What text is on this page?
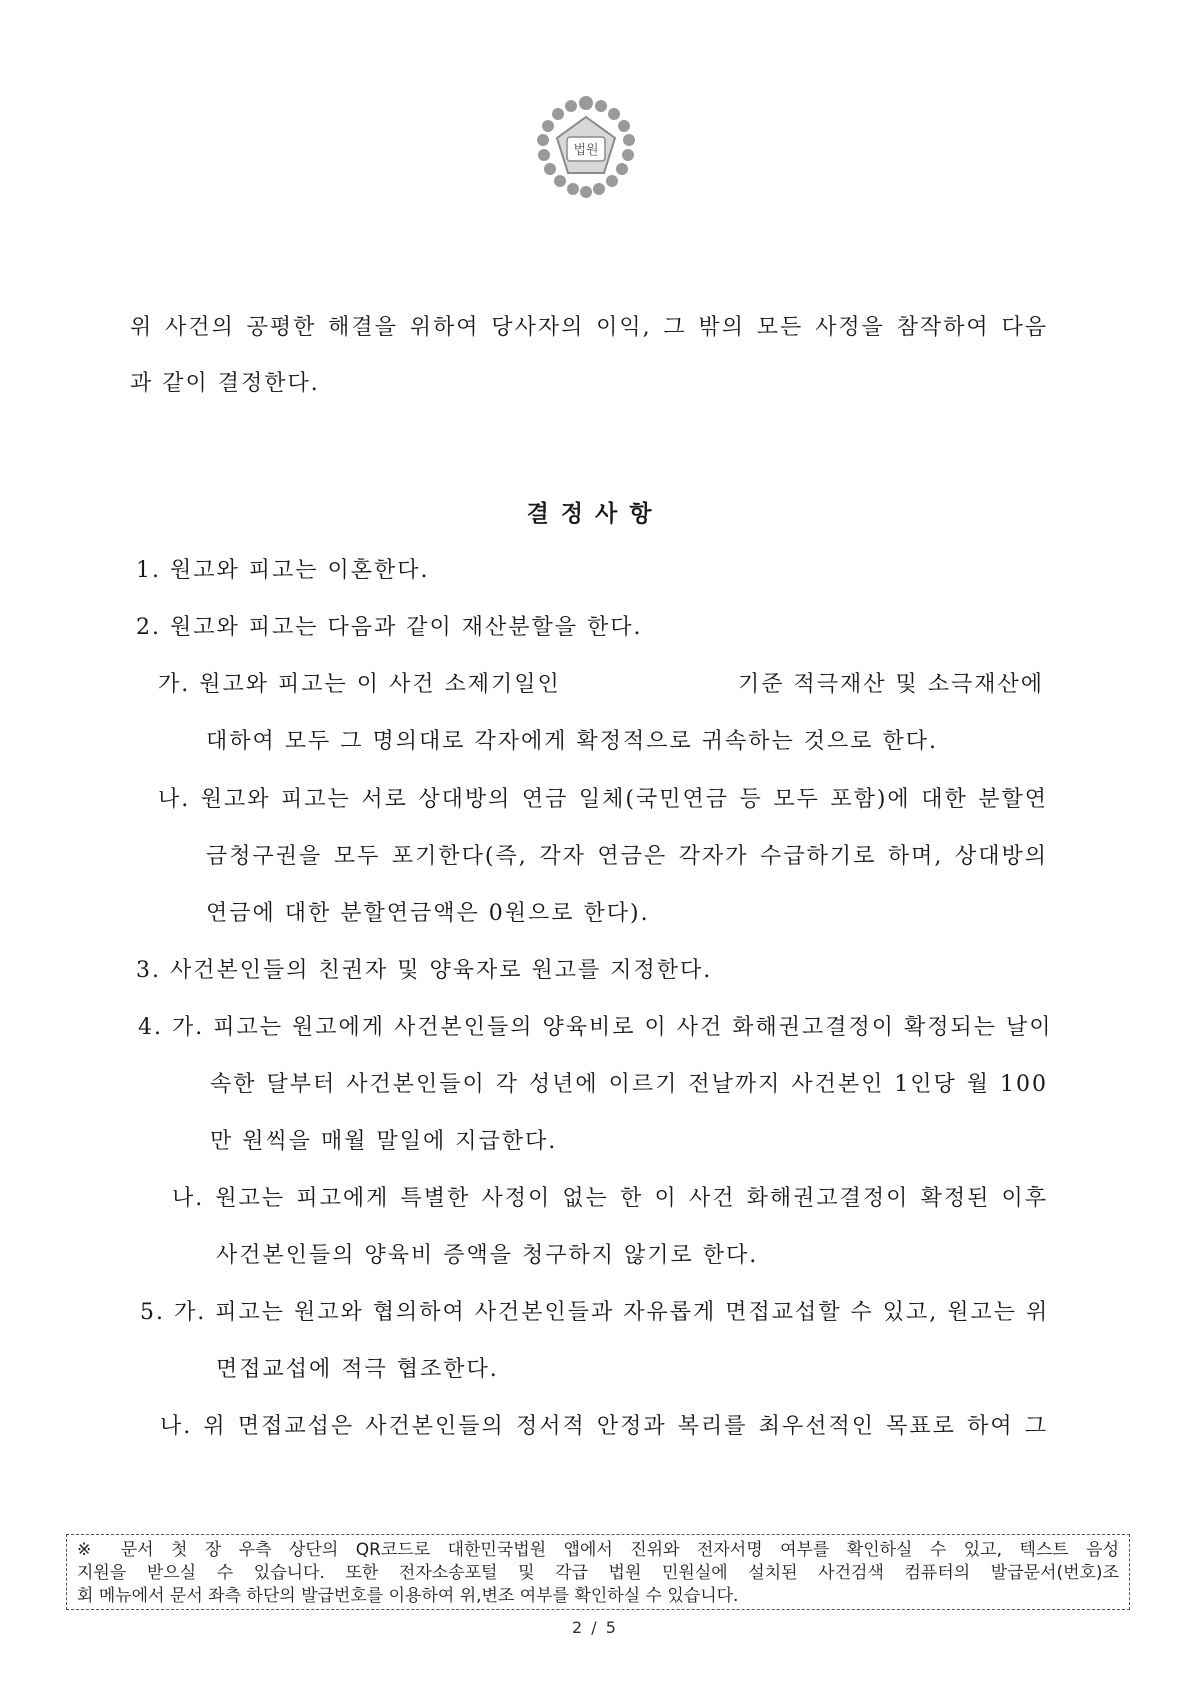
법원
위 사건의 공평한 해결을 위하여 당사자의 이익, 그 밖의 모든 사정을 참작하여 다음
과 같이 결정한다.
결정사항
1. 원고와 피고는 이혼한다.
2. 원고와 피고는 다음과 같이 재산분할을 한다.
가. 원고와 피고는 이 사건 소제기일인	기준 적극재산 및 소극재산에
대하여 모두 그 명의대로 각자에게 확정적으로 귀속하는 것으로 한다.
나. 원고와 피고는 서로 상대방의 연금 일체(국민연금 등 모두 포함)에 대한 분할연
금청구권을 모두 포기한다(즉, 각자 연금은 각자가 수급하기로 하며, 상대방의
연금에 대한 분할연금액은 0원으로 한다).
3. 사건본인들의 친권자 및 양육자로 원고를 지정한다.
4. 가. 피고는 원고에게 사건본인들의 양육비로 이 사건 화해권고결정이 확정되는 날이
속한 달부터 사건본인들이 각 성년에 이르기 전날까지 사건본인 1인당 월 100
만 원씩을 매월 말일에 지급한다.
나. 원고는 피고에게 특별한 사정이 없는 한 이 사건 화해권고결정이 확정된 이후
사건본인들의 양육비 증액을 청구하지 않기로 한다.
5. 가. 피고는 원고와 협의하여 사건본인들과 자유롭게 면접교섭할 수 있고, 원고는 위
면접교섭에 적극 협조한다.
나. 위 면접교섭은 사건본인들의 정서적 안정과 복리를 최우선적인 목표로 하여 그
※ 문서 첫 장 우측 상단의 QR코드로 대한민국법원 앱에서 진위와 전자서명 여부를 확인하실 수 있고, 텍스트 음성
지원을 받으실 수 있습니다. 또한 전자소송포털 및 각급 법원 민원실에 설치된 사건검색 컴퓨터의 발급문서(번호)조
회 메뉴에서 문서 좌측 하단의 발급번호를 이용하여 위,변조 여부를 확인하실 수 있습니다.
2 / 5
